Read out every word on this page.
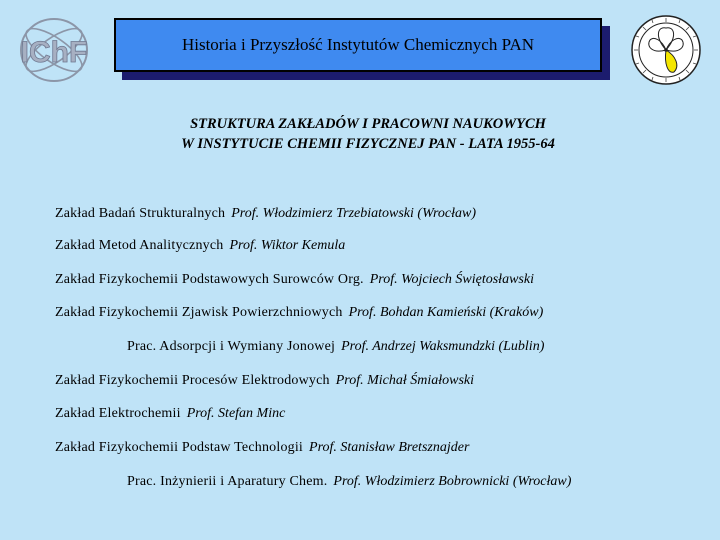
IChF	Historia i Przyszłość Instytutów Chemicznych PAN
STRUKTURA ZAKŁADÓW I PRACOWNI NAUKOWYCH
W INSTYTUCIE CHEMII FIZYCZNEJ PAN - LATA 1955-64
Zakład Badań Strukturalnych Prof. Włodzimierz Trzebiatowski (Wrocław)
Zakład Metod Analitycznych Prof. Wiktor Kemula
Zakład Fizykochemii Podstawowych Surowców Org. Prof. Wojciech Świętosławski
Zakład Fizykochemii Zjawisk Powierzchniowych Prof. Bohdan Kamieński (Kraków)
Prac. Adsorpcji i Wymiany Jonowej Prof. Andrzej Waksmundzki (Lublin)
Zakład Fizykochemii Procesów Elektrodowych Prof. Michał Śmiałowski
Zakład Elektrochemii Prof. Stefan Minc
Zakład Fizykochemii Podstaw Technologii Prof. Stanisław Bretsznajder
Prac. Inżynierii i Aparatury Chem. Prof. Włodzimierz Bobrownicki (Wrocław)
